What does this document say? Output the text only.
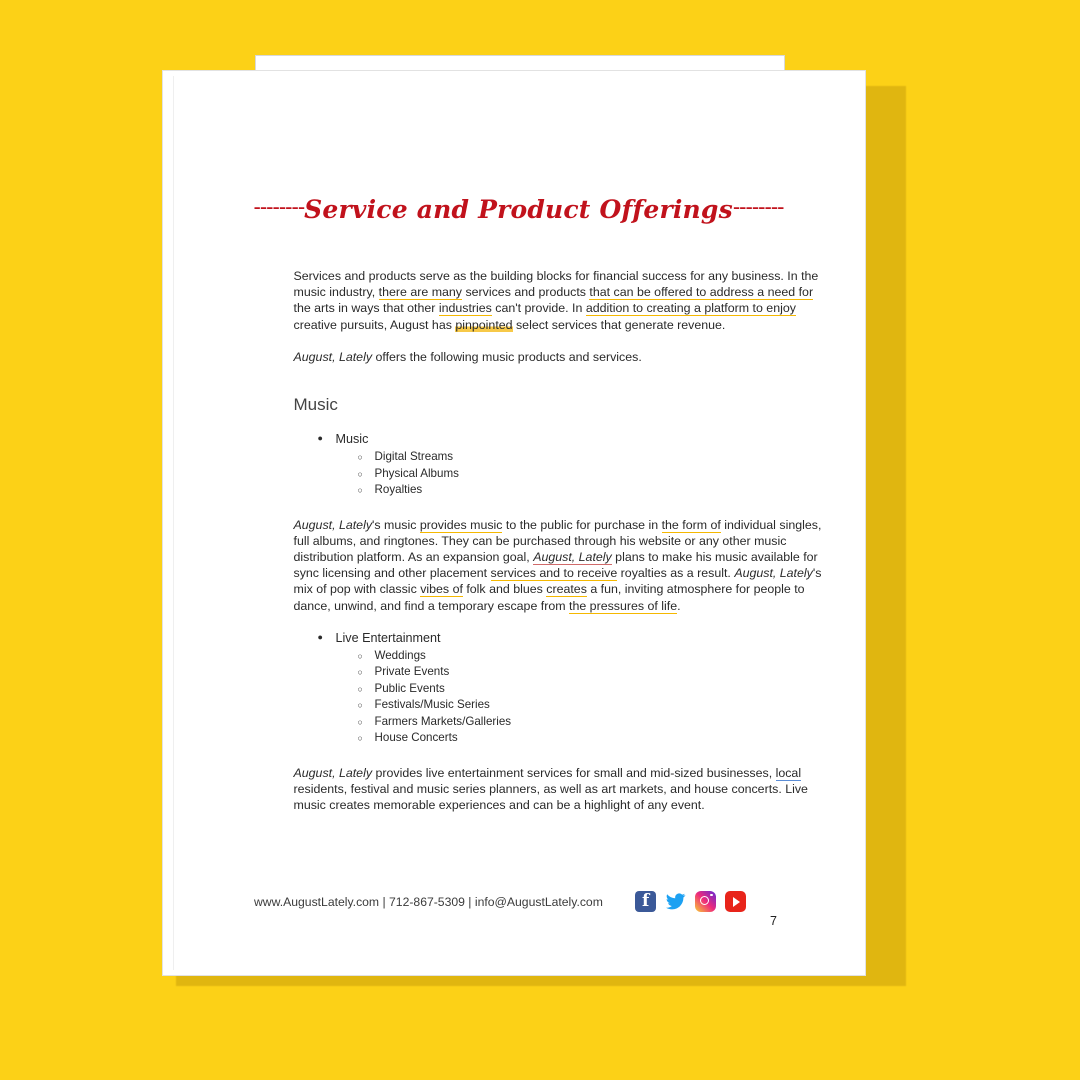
--------Service and Product Offerings--------

Services and products serve as the building blocks for financial success for any business. In the music industry, there are many services and products that can be offered to address a need for the arts in ways that other industries can't provide. In addition to creating a platform to enjoy creative pursuits, August has pinpointed select services that generate revenue.

August, Lately offers the following music products and services.

Music
● Music
○ Digital Streams
○ Physical Albums
○ Royalties

August, Lately's music provides music to the public for purchase in the form of individual singles, full albums, and ringtones. They can be purchased through his website or any other music distribution platform. As an expansion goal, August, Lately plans to make his music available for sync licensing and other placement services and to receive royalties as a result. August, Lately's mix of pop with classic vibes of folk and blues creates a fun, inviting atmosphere for people to dance, unwind, and find a temporary escape from the pressures of life.

● Live Entertainment
○ Weddings
○ Private Events
○ Public Events
○ Festivals/Music Series
○ Farmers Markets/Galleries
○ House Concerts

August, Lately provides live entertainment services for small and mid-sized businesses, local residents, festival and music series planners, as well as art markets, and house concerts. Live music creates memorable experiences and can be a highlight of any event.

www.AugustLately.com | 712-867-5309 | info@AugustLately.com
f
7
